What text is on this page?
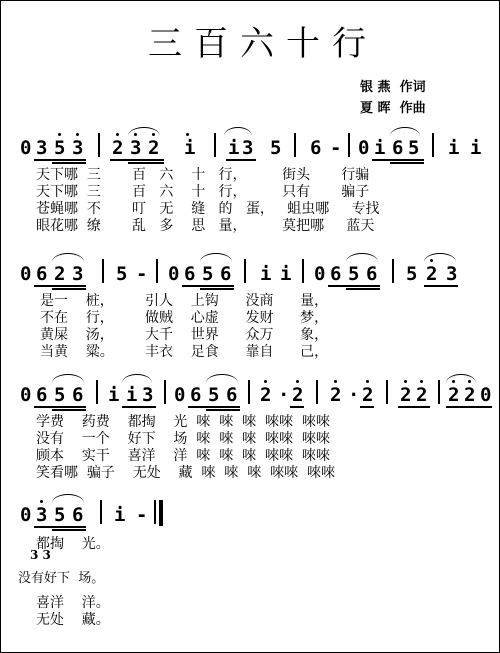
三百六十行
银 燕  作词
夏 晖  作曲
0 3 5 3 2 3 2 i i 3 5 6 - 0 i 6 5 i i
天下哪  三       百   六    十   行，        街头       行骗
天下哪  三       百   六    十   行，        只有       骗子
苍蝇哪  不       叮   无    缝   的   蛋，   蛆虫哪     专找
眼花哪  缭       乱   多    思   量，        莫把哪     蓝天
0 6 2 3 5 - 0 6 5 6 i i 0 6 5 6 5 2 3
是一    桩，       引人    上钩      没商      量，
不在    行，       做贼    心虚      发财      梦，
黄屎    汤，       大千    世界      众万      象，
当黄    粱。       丰衣    足食      靠自      己，
0 6 5 6 i i 3 0 6 5 6 2 · 2 2 · 2 2 2 2 2 0
学费    药费    都掏    光  唻  唻  唻  唻唻  唻唻
没有    一个    好下    场  唻  唻  唻  唻唻  唻唻
顾本    实干    喜洋    洋  唻  唻  唻  唻唻  唻唻
笑看哪  骗子    无处    藏  唻  唻  唻  唻唻  唻唻
0 3 5 6 i -
都掏    光。
3 3
没有好下  场。
喜洋    洋。
无处    藏。
